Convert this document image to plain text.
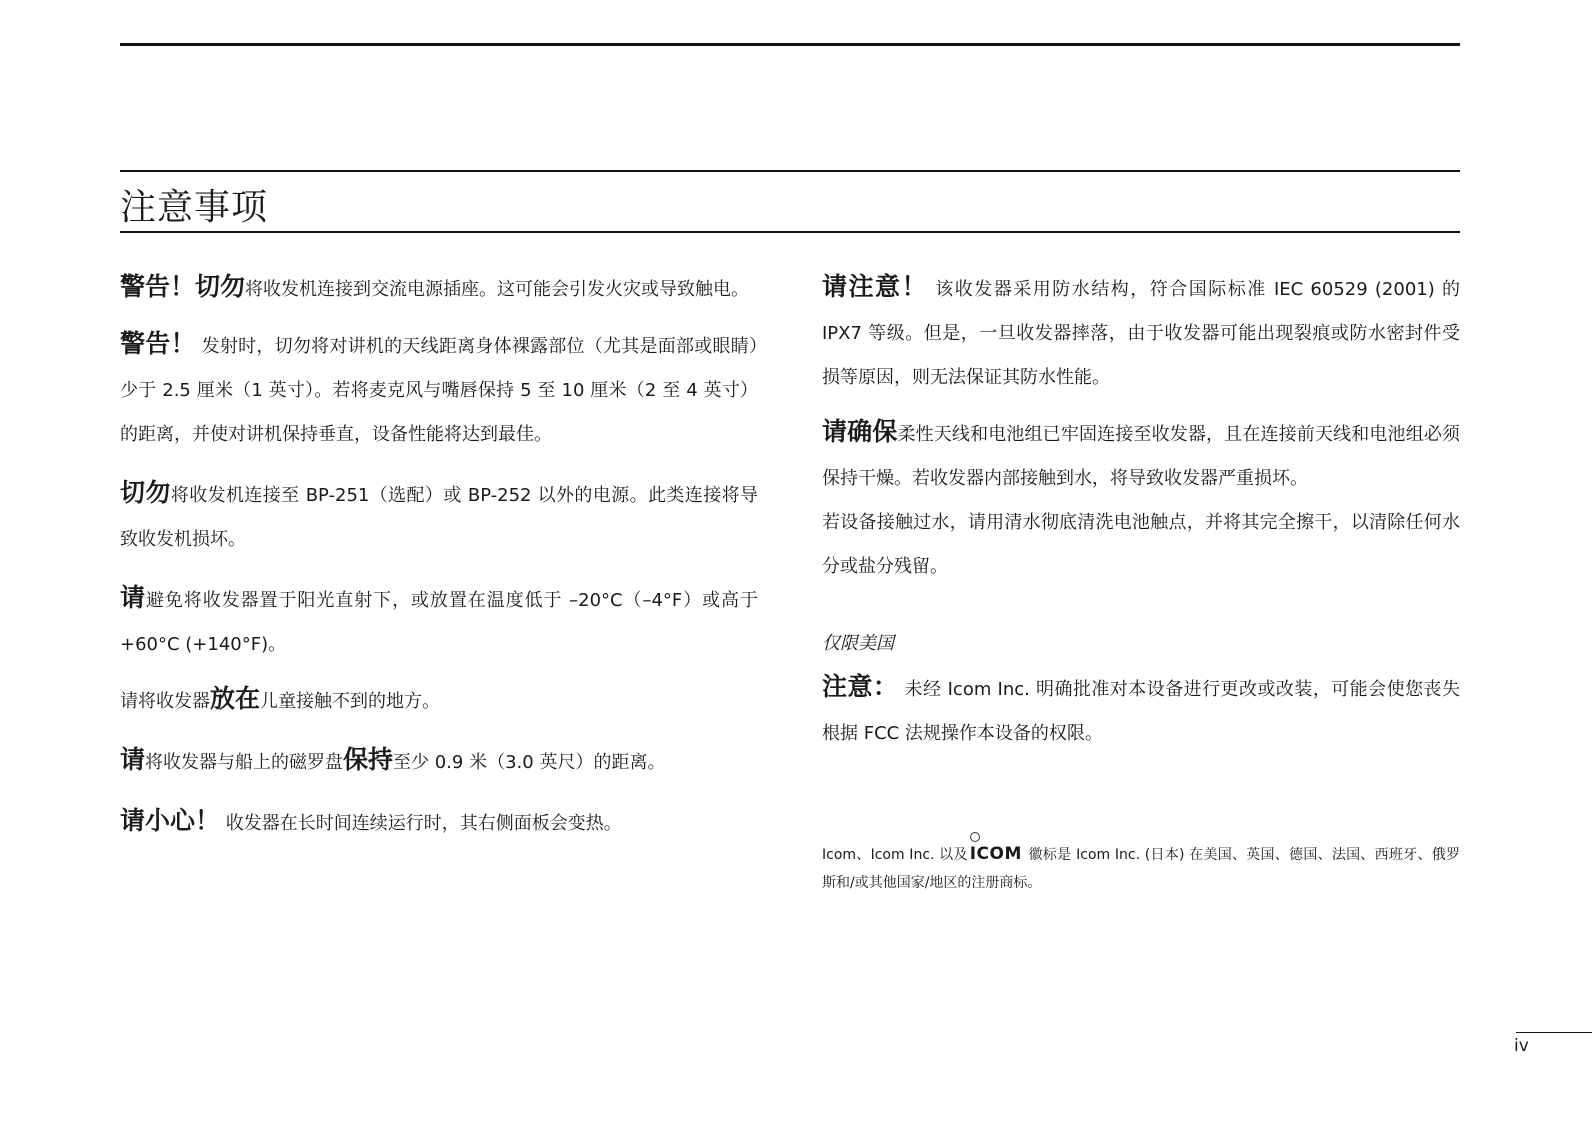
注意事项

警告！切勿将收发机连接到交流电源插座。这可能会引发火灾或导致触电。

警告！ 发射时，切勿将对讲机的天线距离身体裸露部位（尤其是面部或眼睛）少于 2.5 厘米（1 英寸）。若将麦克风与嘴唇保持 5 至 10 厘米（2 至 4 英寸）的距离，并使对讲机保持垂直，设备性能将达到最佳。

切勿将收发机连接至 BP-251（选配）或 BP-252 以外的电源。此类连接将导致收发机损坏。

请避免将收发器置于阳光直射下，或放置在温度低于 –20°C（–4°F）或高于 +60°C (+140°F)。

请将收发器放在儿童接触不到的地方。

请将收发器与船上的磁罗盘保持至少 0.9 米（3.0 英尺）的距离。

请小心！ 收发器在长时间连续运行时，其右侧面板会变热。

请注意！ 该收发器采用防水结构，符合国际标准 IEC 60529 (2001) 的 IPX7 等级。但是，一旦收发器摔落，由于收发器可能出现裂痕或防水密封件受损等原因，则无法保证其防水性能。

请确保柔性天线和电池组已牢固连接至收发器，且在连接前天线和电池组必须保持干燥。若收发器内部接触到水，将导致收发器严重损坏。

若设备接触过水，请用清水彻底清洗电池触点，并将其完全擦干，以清除任何水分或盐分残留。

仅限美国

注意： 未经 Icom Inc. 明确批准对本设备进行更改或改装，可能会使您丧失根据 FCC 法规操作本设备的权限。

Icom、Icom Inc. 以及 ICOM 徽标是 Icom Inc. (日本) 在美国、英国、德国、法国、西班牙、俄罗斯和/或其他国家/地区的注册商标。

iv
